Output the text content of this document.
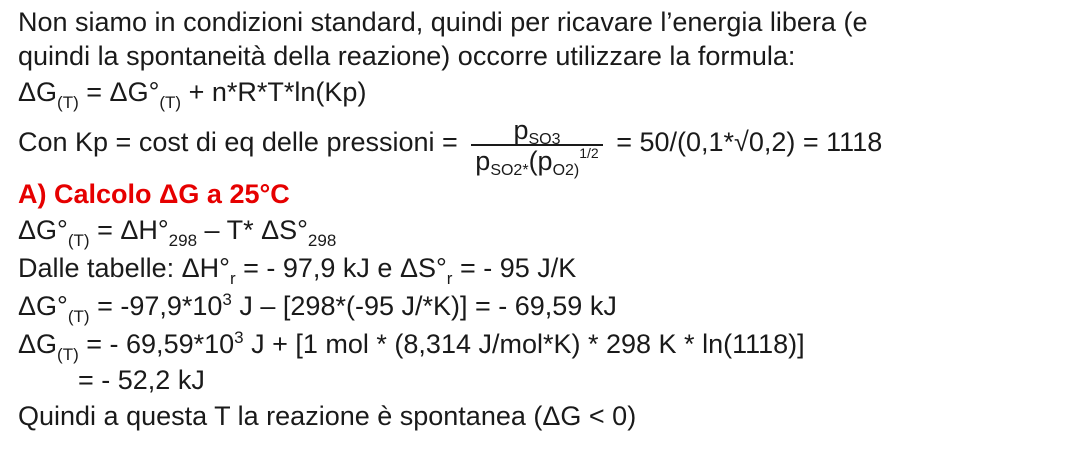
Non siamo in condizioni standard, quindi per ricavare l’energia libera (e
quindi la spontaneità della reazione) occorre utilizzare la formula:
$\Delta G_{(T)} = \Delta G^\circ_{(T)} + n*R*T*\ln(Kp)$
Con Kp = cost di eq delle pressioni = $\frac{p_{SO3}}{p_{SO2*}(p_{O2)}^{1/2}} = 50/(0,1*√0,2) = 1118$
A) Calcolo ΔG a 25°C
$\Delta G^\circ_{(T)} = \Delta H^\circ_{298} - T*$ $\Delta S^\circ_{298}$
Dalle tabelle: $\Delta H^\circ_r$ = - 97,9 kJ e $\Delta S^\circ_r$ = - 95 J/K
$\Delta G^\circ_{(T)} = -97,9*10^3$ J – [298*(-95 J/*K)] = - 69,59 kJ
$\Delta G_{(T)}$ = - $69,59*10^3$ J + [1 mol * (8,314 J/mol*K) * 298 K * ln(1118)]
= - 52,2 kJ
Quindi a questa T la reazione è spontanea (ΔG < 0)
